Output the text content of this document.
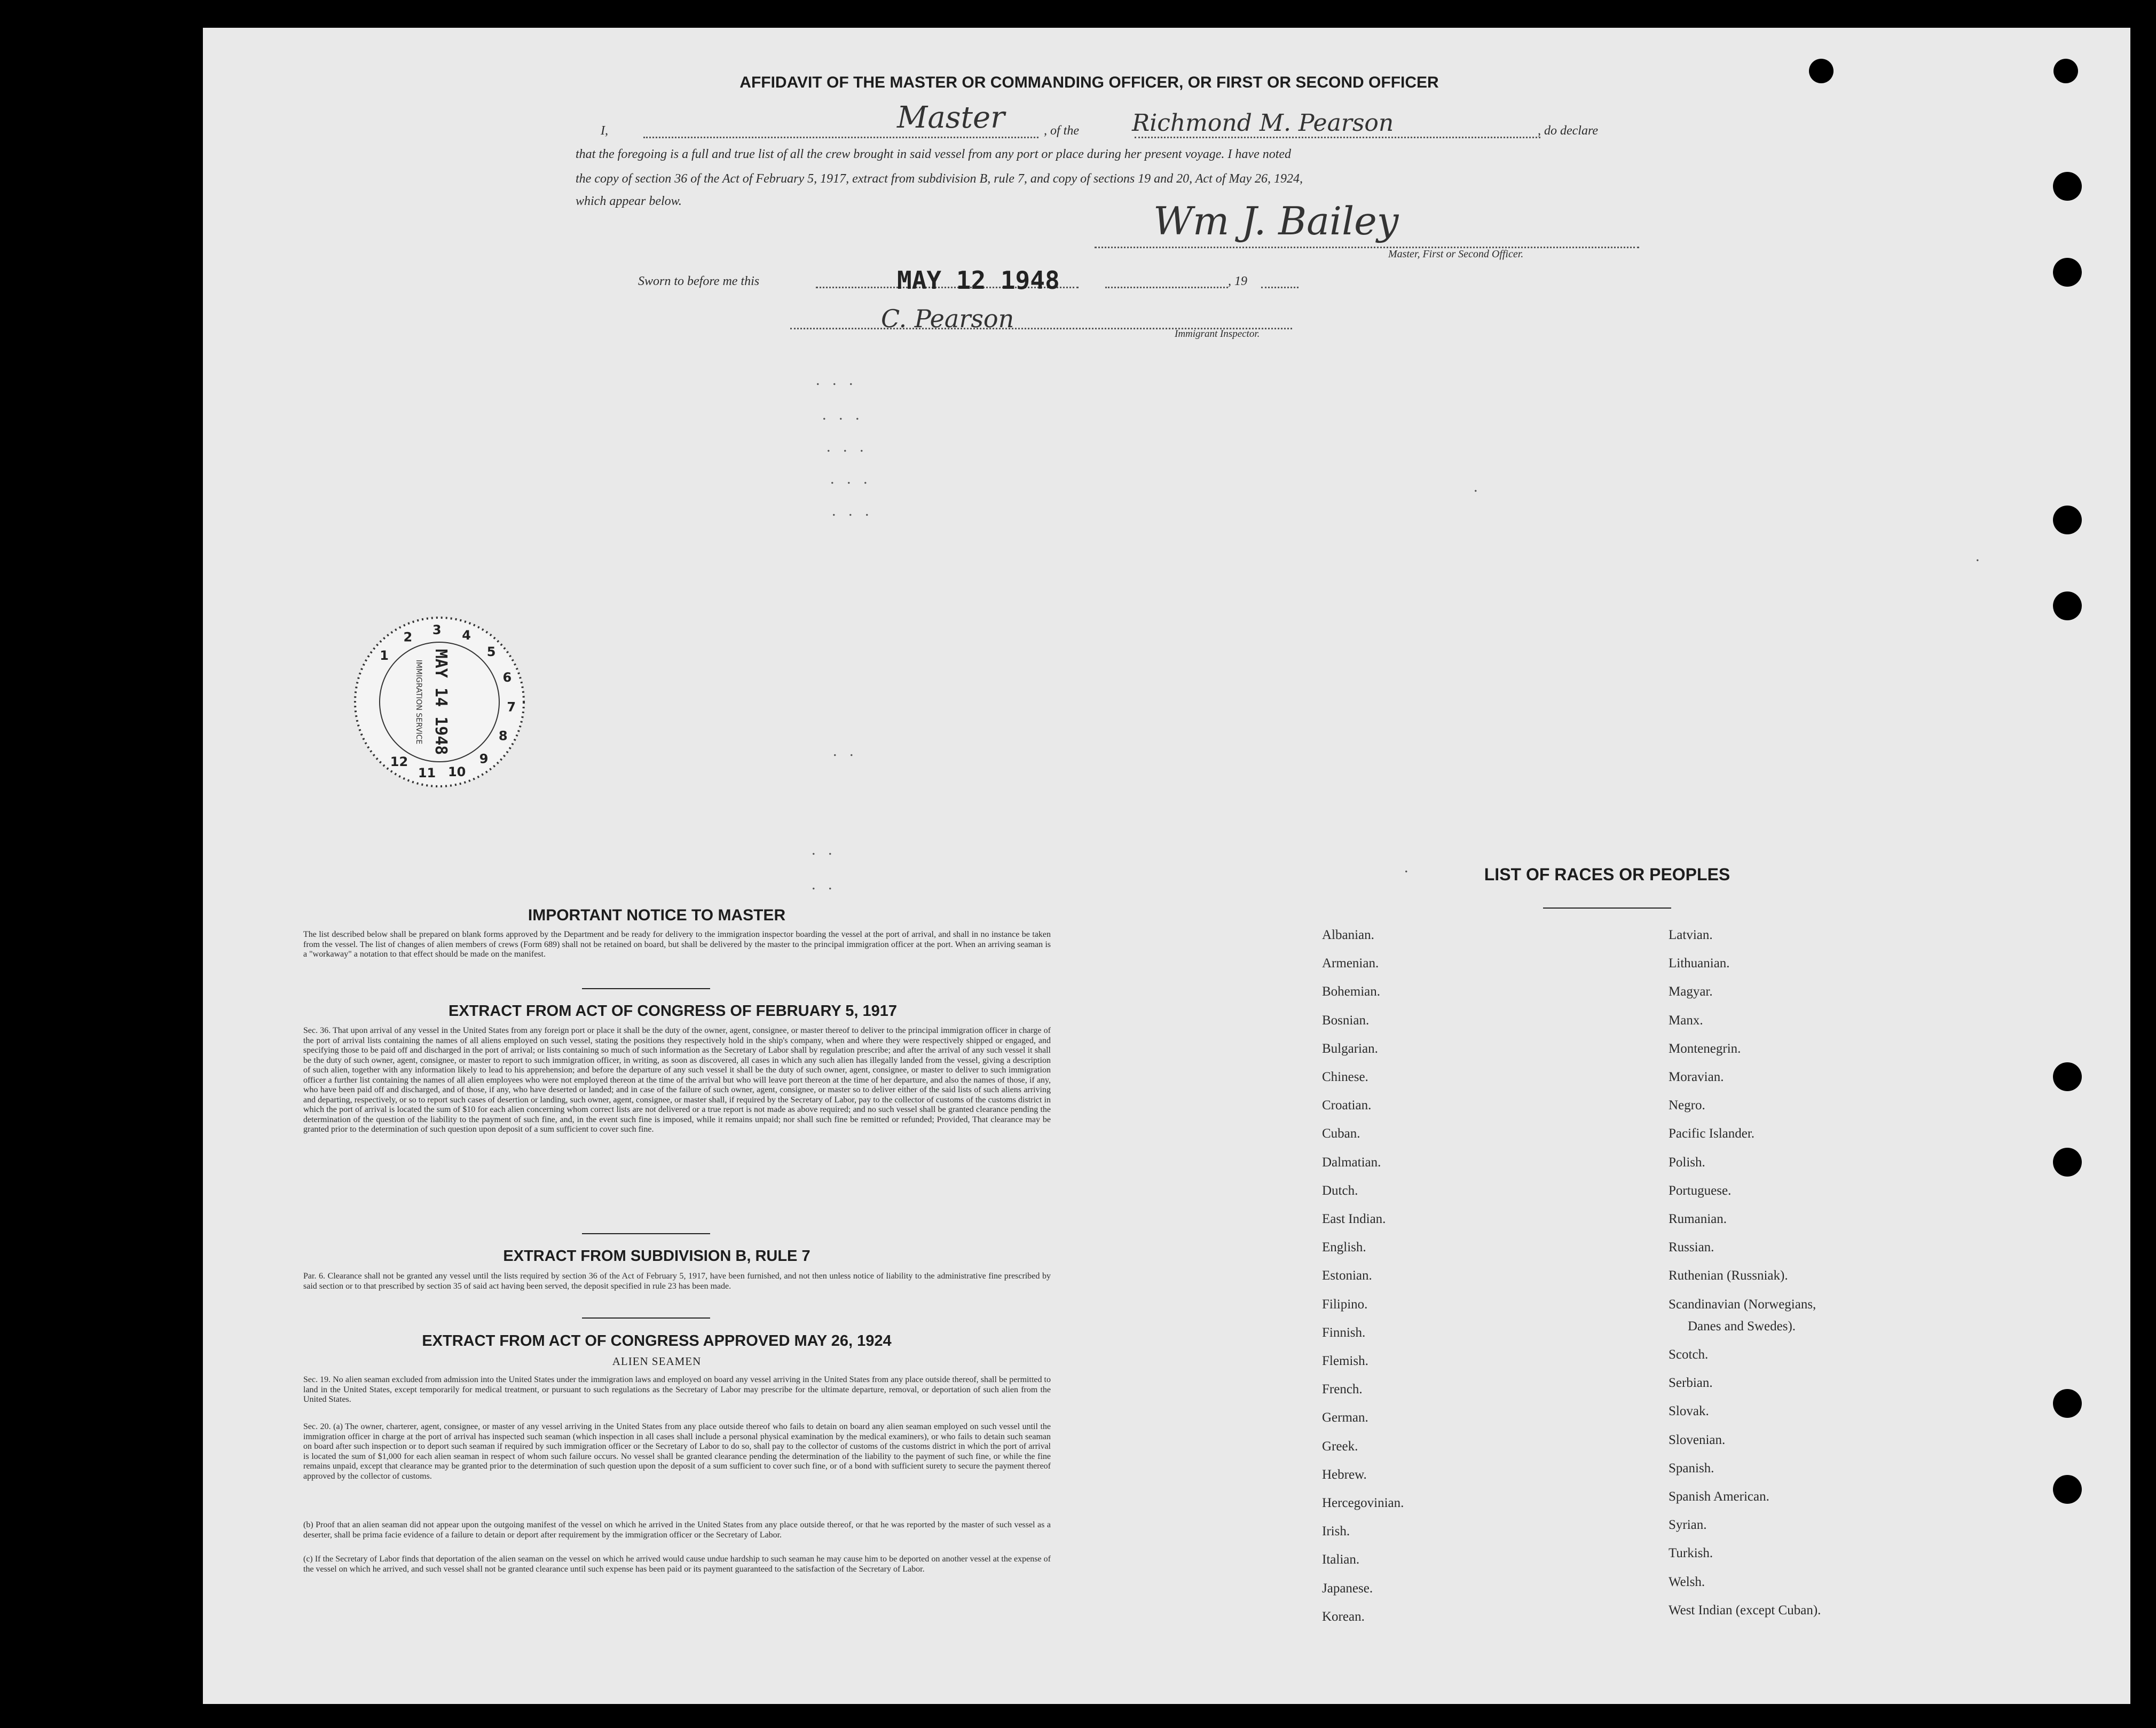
AFFIDAVIT OF THE MASTER OR COMMANDING OFFICER, OR FIRST OR SECOND OFFICER
I,	Master	, of the Richmond M. Pearson	, do declare
that the foregoing is a full and true list of all the crew brought in said vessel from any port or place during her present voyage. I have noted
the copy of section 36 of the Act of February 5, 1917, extract from subdivision B, rule 7, and copy of sections 19 and 20, Act of May 26, 1924,
which appear below.	Wm J. Bailey
Master, First or Second Officer.
Sworn to before me this	MAY 12 1948	, 19
C. Pearson
Immigrant Inspector.
. . .
. . .
. . .
. . .
. . .
. .
. .
. .
.
.
.
1
2 3 4
5
6
7
8
9
10
11
12
MAY 14 1948
IMMIGRATION SERVICE
IMPORTANT NOTICE TO MASTER
The list described below shall be prepared on blank forms approved by the Department and be ready for delivery to the immigration inspector boarding the vessel at the port of arrival, and shall in no instance be taken from the vessel. The list of changes of alien members of crews (Form 689) shall not be retained on board, but shall be delivered by the master to the principal immigration officer at the port. When an arriving seaman is a "workaway" a notation to that effect should be made on the manifest.
EXTRACT FROM ACT OF CONGRESS OF FEBRUARY 5, 1917
Sec. 36. That upon arrival of any vessel in the United States from any foreign port or place it shall be the duty of the owner, agent, consignee, or master thereof to deliver to the principal immigration officer in charge of the port of arrival lists containing the names of all aliens employed on such vessel, stating the positions they respectively hold in the ship's company, when and where they were respectively shipped or engaged, and specifying those to be paid off and discharged in the port of arrival; or lists containing so much of such information as the Secretary of Labor shall by regulation prescribe; and after the arrival of any such vessel it shall be the duty of such owner, agent, consignee, or master to report to such immigration officer, in writing, as soon as discovered, all cases in which any such alien has illegally landed from the vessel, giving a description of such alien, together with any information likely to lead to his apprehension; and before the departure of any such vessel it shall be the duty of such owner, agent, consignee, or master to deliver to such immigration officer a further list containing the names of all alien employees who were not employed thereon at the time of the arrival but who will leave port thereon at the time of her departure, and also the names of those, if any, who have been paid off and discharged, and of those, if any, who have deserted or landed; and in case of the failure of such owner, agent, consignee, or master so to deliver either of the said lists of such aliens arriving and departing, respectively, or so to report such cases of desertion or landing, such owner, agent, consignee, or master shall, if required by the Secretary of Labor, pay to the collector of customs of the customs district in which the port of arrival is located the sum of $10 for each alien concerning whom correct lists are not delivered or a true report is not made as above required; and no such vessel shall be granted clearance pending the determination of the question of the liability to the payment of such fine, and, in the event such fine is imposed, while it remains unpaid; nor shall such fine be remitted or refunded; Provided, That clearance may be granted prior to the determination of such question upon deposit of a sum sufficient to cover such fine.
EXTRACT FROM SUBDIVISION B, RULE 7
Par. 6. Clearance shall not be granted any vessel until the lists required by section 36 of the Act of February 5, 1917, have been furnished, and not then unless notice of liability to the administrative fine prescribed by said section or to that prescribed by section 35 of said act having been served, the deposit specified in rule 23 has been made.
EXTRACT FROM ACT OF CONGRESS APPROVED MAY 26, 1924
ALIEN SEAMEN
Sec. 19. No alien seaman excluded from admission into the United States under the immigration laws and employed on board any vessel arriving in the United States from any place outside thereof, shall be permitted to land in the United States, except temporarily for medical treatment, or pursuant to such regulations as the Secretary of Labor may prescribe for the ultimate departure, removal, or deportation of such alien from the United States.
Sec. 20. (a) The owner, charterer, agent, consignee, or master of any vessel arriving in the United States from any place outside thereof who fails to detain on board any alien seaman employed on such vessel until the immigration officer in charge at the port of arrival has inspected such seaman (which inspection in all cases shall include a personal physical examination by the medical examiners), or who fails to detain such seaman on board after such inspection or to deport such seaman if required by such immigration officer or the Secretary of Labor to do so, shall pay to the collector of customs of the customs district in which the port of arrival is located the sum of $1,000 for each alien seaman in respect of whom such failure occurs. No vessel shall be granted clearance pending the determination of the liability to the payment of such fine, or while the fine remains unpaid, except that clearance may be granted prior to the determination of such question upon the deposit of a sum sufficient to cover such fine, or of a bond with sufficient surety to secure the payment thereof approved by the collector of customs.
(b) Proof that an alien seaman did not appear upon the outgoing manifest of the vessel on which he arrived in the United States from any place outside thereof, or that he was reported by the master of such vessel as a deserter, shall be prima facie evidence of a failure to detain or deport after requirement by the immigration officer or the Secretary of Labor.
(c) If the Secretary of Labor finds that deportation of the alien seaman on the vessel on which he arrived would cause undue hardship to such seaman he may cause him to be deported on another vessel at the expense of the vessel on which he arrived, and such vessel shall not be granted clearance until such expense has been paid or its payment guaranteed to the satisfaction of the Secretary of Labor.
LIST OF RACES OR PEOPLES
Albanian.
Armenian.
Bohemian.
Bosnian.
Bulgarian.
Chinese.
Croatian.
Cuban.
Dalmatian.
Dutch.
East Indian.
English.
Estonian.
Filipino.
Finnish.
Flemish.
French.
German.
Greek.
Hebrew.
Hercegovinian.
Irish.
Italian.
Japanese.
Korean.
Latvian.
Lithuanian.
Magyar.
Manx.
Montenegrin.
Moravian.
Negro.
Pacific Islander.
Polish.
Portuguese.
Rumanian.
Russian.
Ruthenian (Russniak).
Scandinavian (Norwegians,
Danes and Swedes).
Scotch.
Serbian.
Slovak.
Slovenian.
Spanish.
Spanish American.
Syrian.
Turkish.
Welsh.
West Indian (except Cuban).
